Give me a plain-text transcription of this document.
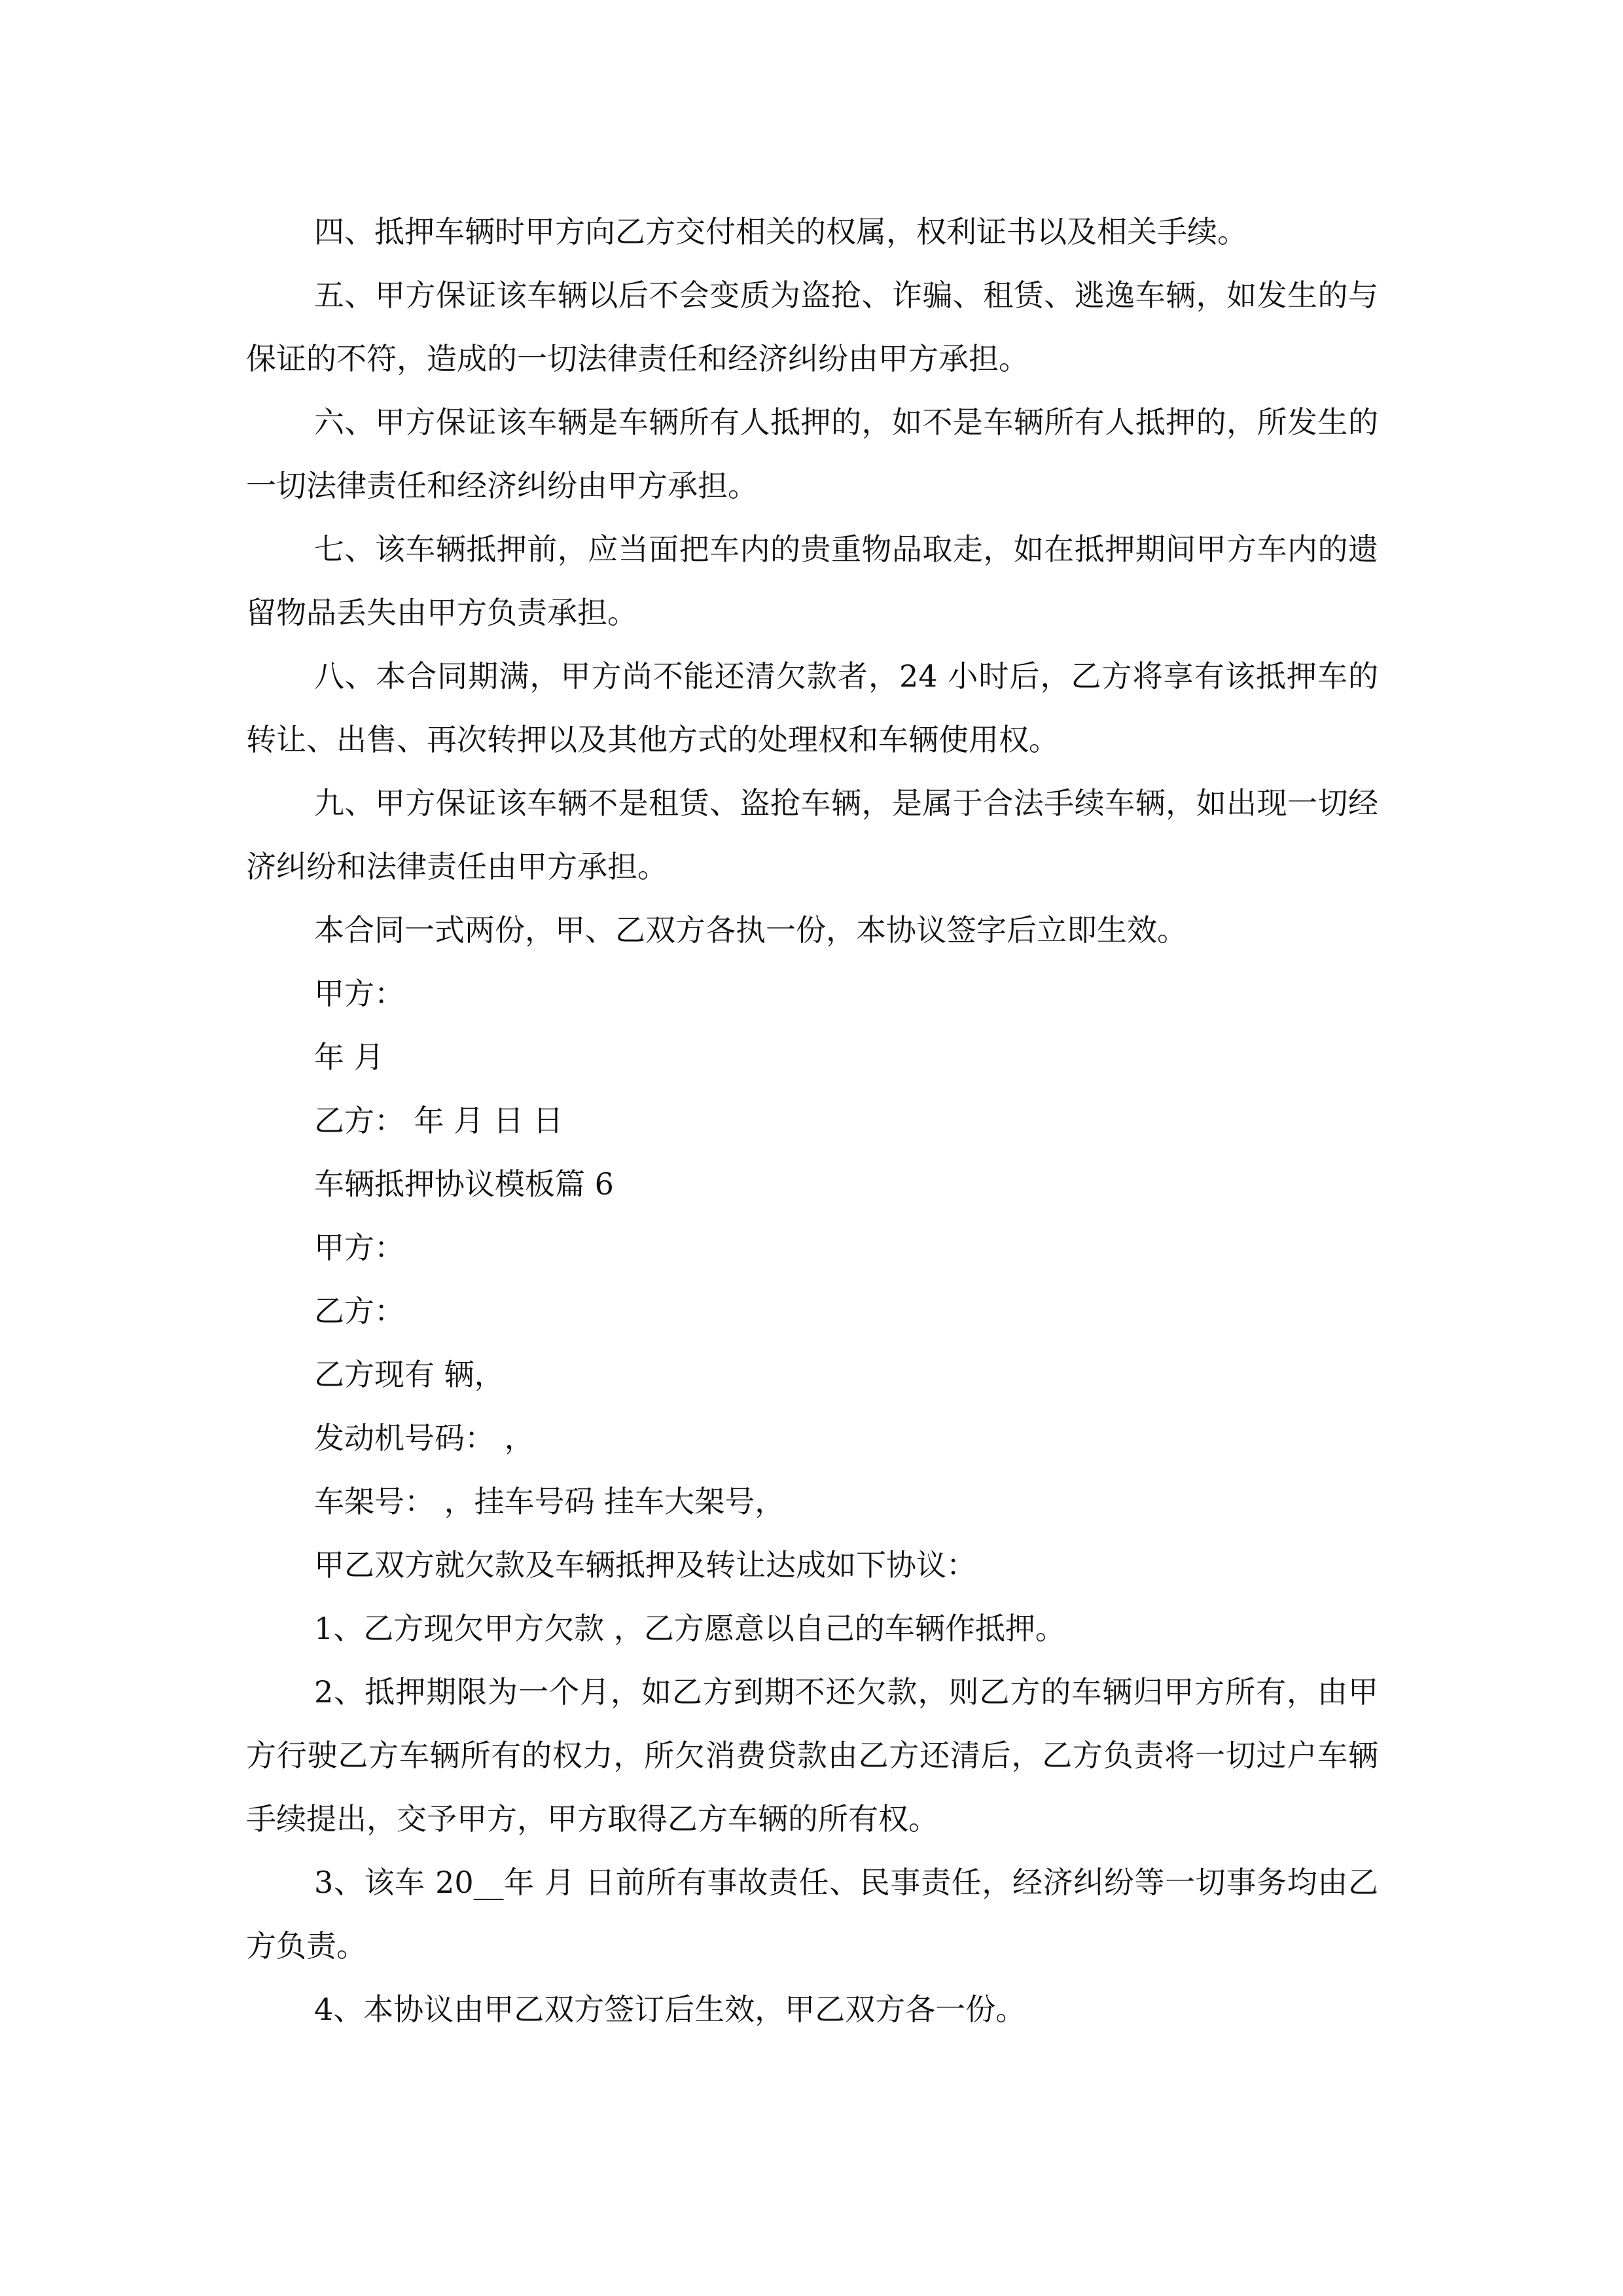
四、抵押车辆时甲方向乙方交付相关的权属，权利证书以及相关手续。

五、甲方保证该车辆以后不会变质为盗抢、诈骗、租赁、逃逸车辆，如发生的与保证的不符，造成的一切法律责任和经济纠纷由甲方承担。

六、甲方保证该车辆是车辆所有人抵押的，如不是车辆所有人抵押的，所发生的一切法律责任和经济纠纷由甲方承担。

七、该车辆抵押前，应当面把车内的贵重物品取走，如在抵押期间甲方车内的遗留物品丢失由甲方负责承担。

八、本合同期满，甲方尚不能还清欠款者，24 小时后，乙方将享有该抵押车的转让、出售、再次转押以及其他方式的处理权和车辆使用权。

九、甲方保证该车辆不是租赁、盗抢车辆，是属于合法手续车辆，如出现一切经济纠纷和法律责任由甲方承担。

本合同一式两份，甲、乙双方各执一份，本协议签字后立即生效。

甲方：

年 月

乙方： 年 月 日 日

车辆抵押协议模板篇 6

甲方：

乙方：

乙方现有 辆，

发动机号码： ，

车架号： ，挂车号码 挂车大架号，

甲乙双方就欠款及车辆抵押及转让达成如下协议：

1、乙方现欠甲方欠款 ，乙方愿意以自己的车辆作抵押。

2、抵押期限为一个月，如乙方到期不还欠款，则乙方的车辆归甲方所有，由甲方行驶乙方车辆所有的权力，所欠消费贷款由乙方还清后，乙方负责将一切过户车辆手续提出，交予甲方，甲方取得乙方车辆的所有权。

3、该车 20__年 月 日前所有事故责任、民事责任，经济纠纷等一切事务均由乙方负责。

4、本协议由甲乙双方签订后生效，甲乙双方各一份。
